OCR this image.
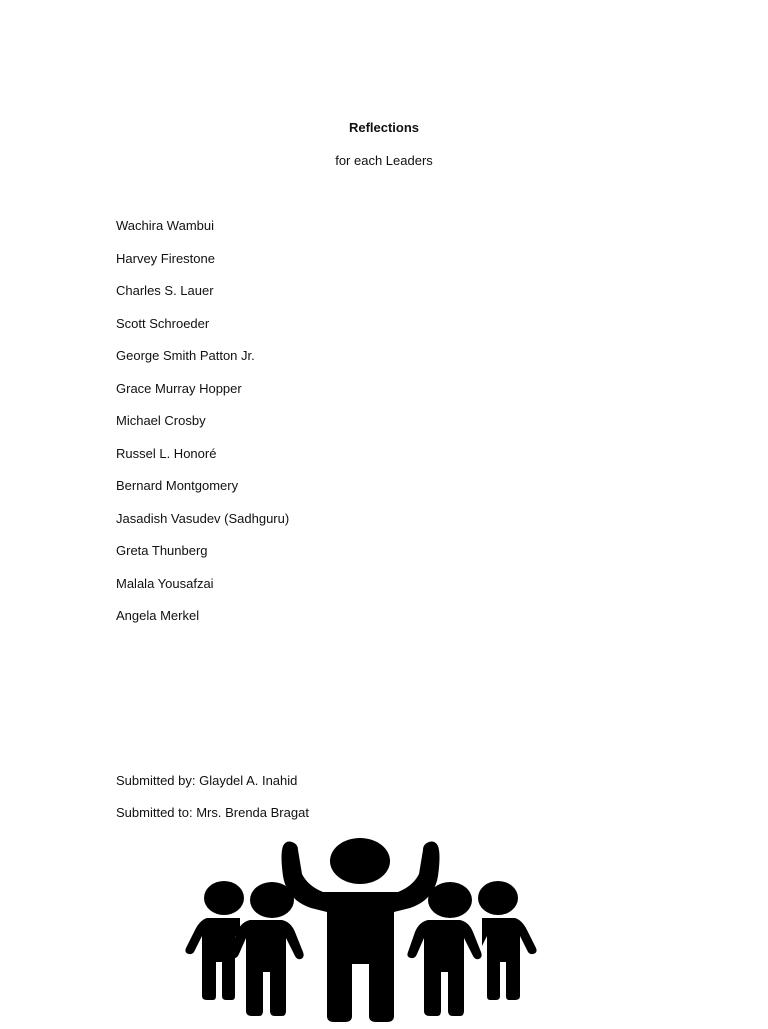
Reflections
for each Leaders
Wachira Wambui
Harvey Firestone
Charles S. Lauer
Scott Schroeder
George Smith Patton Jr.
Grace Murray Hopper
Michael Crosby
Russel L. Honoré
Bernard Montgomery
Jasadish Vasudev (Sadhguru)
Greta Thunberg
Malala Yousafzai
Angela Merkel
Submitted by: Glaydel A. Inahid
Submitted to: Mrs. Brenda Bragat
